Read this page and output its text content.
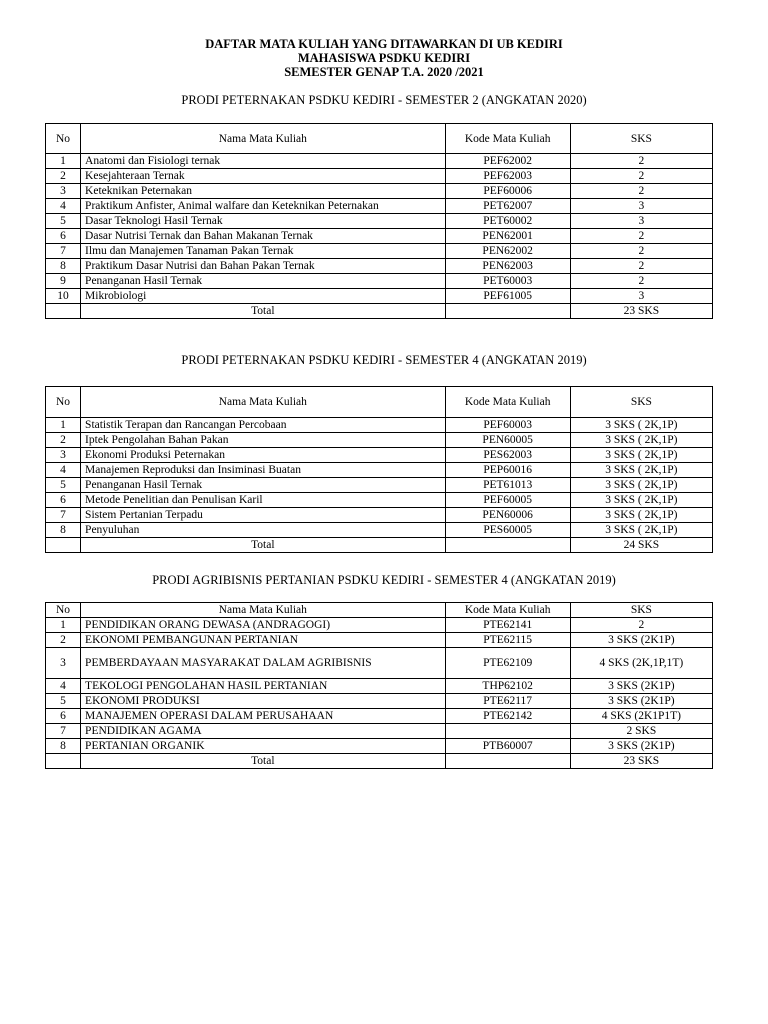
DAFTAR MATA KULIAH YANG DITAWARKAN DI UB KEDIRI
MAHASISWA PSDKU KEDIRI
SEMESTER GENAP T.A. 2020 /2021
PRODI PETERNAKAN PSDKU KEDIRI - SEMESTER 2 (ANGKATAN 2020)
No	Nama Mata Kuliah	Kode Mata Kuliah	SKS
1	Anatomi dan Fisiologi ternak	PEF62002	2
2	Kesejahteraan Ternak	PEF62003	2
3	Keteknikan Peternakan	PEF60006	2
4	Praktikum Anfister, Animal walfare dan Keteknikan Peternakan	PET62007	3
5	Dasar Teknologi Hasil Ternak	PET60002	3
6	Dasar Nutrisi Ternak dan Bahan Makanan Ternak	PEN62001	2
7	Ilmu dan Manajemen Tanaman Pakan Ternak	PEN62002	2
8	Praktikum Dasar Nutrisi dan Bahan Pakan Ternak	PEN62003	2
9	Penanganan Hasil Ternak	PET60003	2
10	Mikrobiologi	PEF61005	3
	Total		23 SKS
PRODI PETERNAKAN PSDKU KEDIRI - SEMESTER 4 (ANGKATAN 2019)
No	Nama Mata Kuliah	Kode Mata Kuliah	SKS
1	Statistik Terapan dan Rancangan Percobaan	PEF60003	3 SKS ( 2K,1P)
2	Iptek Pengolahan Bahan Pakan	PEN60005	3 SKS ( 2K,1P)
3	Ekonomi Produksi Peternakan	PES62003	3 SKS ( 2K,1P)
4	Manajemen Reproduksi dan Insiminasi Buatan	PEP60016	3 SKS ( 2K,1P)
5	Penanganan Hasil Ternak	PET61013	3 SKS ( 2K,1P)
6	Metode Penelitian dan Penulisan Karil	PEF60005	3 SKS ( 2K,1P)
7	Sistem Pertanian Terpadu	PEN60006	3 SKS ( 2K,1P)
8	Penyuluhan	PES60005	3 SKS ( 2K,1P)
	Total		24 SKS
PRODI AGRIBISNIS PERTANIAN PSDKU KEDIRI - SEMESTER 4 (ANGKATAN 2019)
No	Nama Mata Kuliah	Kode Mata Kuliah	SKS
1	PENDIDIKAN ORANG DEWASA (ANDRAGOGI)	PTE62141	2
2	EKONOMI PEMBANGUNAN PERTANIAN	PTE62115	3 SKS (2K1P)
3	PEMBERDAYAAN MASYARAKAT DALAM AGRIBISNIS	PTE62109	4 SKS (2K,1P,1T)
4	TEKOLOGI PENGOLAHAN HASIL PERTANIAN	THP62102	3 SKS (2K1P)
5	EKONOMI PRODUKSI	PTE62117	3 SKS (2K1P)
6	MANAJEMEN OPERASI DALAM PERUSAHAAN	PTE62142	4 SKS (2K1P1T)
7	PENDIDIKAN AGAMA		2 SKS
8	PERTANIAN ORGANIK	PTB60007	3 SKS (2K1P)
	Total		23 SKS
